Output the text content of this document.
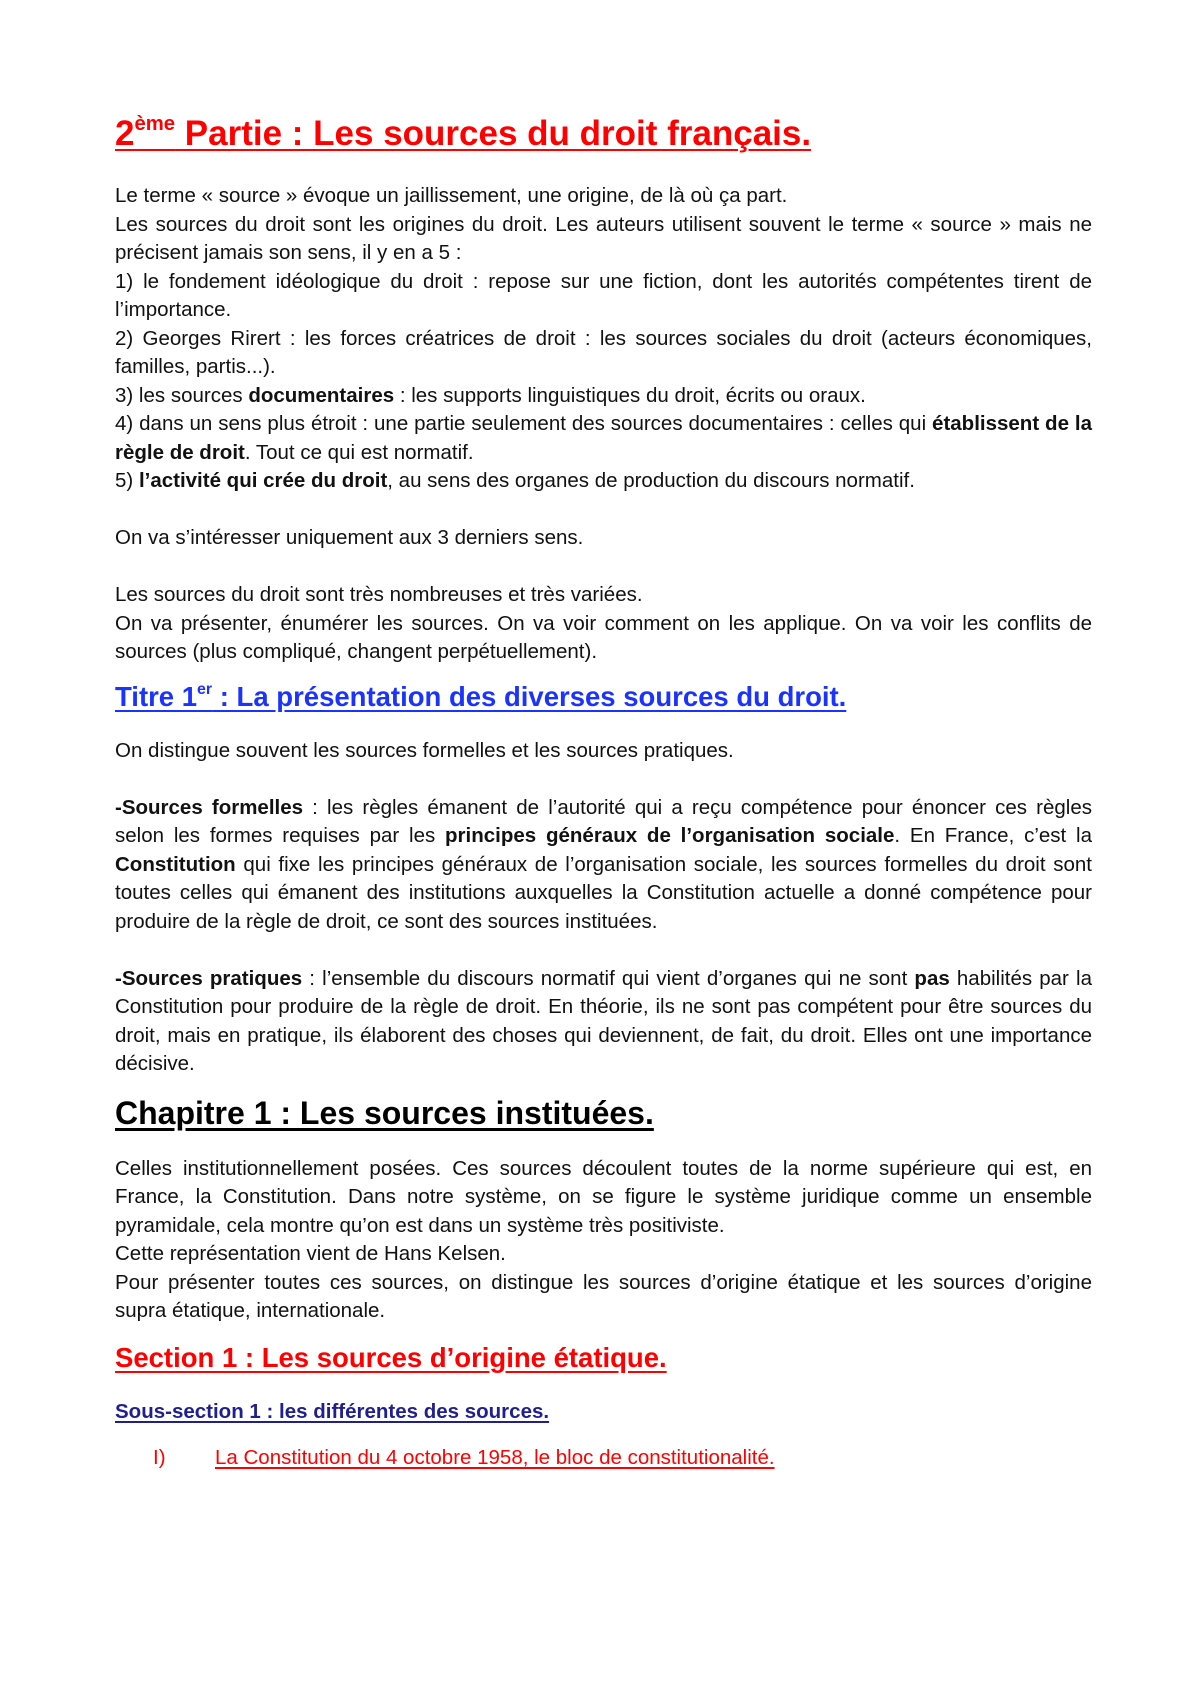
2ème Partie : Les sources du droit français.

Le terme « source » évoque un jaillissement, une origine, de là où ça part.

Les sources du droit sont les origines du droit. Les auteurs utilisent souvent le terme « source » mais ne précisent jamais son sens, il y en a 5 :

1) le fondement idéologique du droit : repose sur une fiction, dont les autorités compétentes tirent de l’importance.

2) Georges Rirert : les forces créatrices de droit : les sources sociales du droit (acteurs économiques, familles, partis...).

3) les sources documentaires : les supports linguistiques du droit, écrits ou oraux.

4) dans un sens plus étroit : une partie seulement des sources documentaires : celles qui établissent de la règle de droit. Tout ce qui est normatif.

5) l’activité qui crée du droit, au sens des organes de production du discours normatif.

On va s’intéresser uniquement aux 3 derniers sens.

Les sources du droit sont très nombreuses et très variées.

On va présenter, énumérer les sources. On va voir comment on les applique. On va voir les conflits de sources (plus compliqué, changent perpétuellement).

Titre 1er : La présentation des diverses sources du droit.

On distingue souvent les sources formelles et les sources pratiques.

-Sources formelles : les règles émanent de l’autorité qui a reçu compétence pour énoncer ces règles selon les formes requises par les principes généraux de l’organisation sociale. En France, c’est la Constitution qui fixe les principes généraux de l’organisation sociale, les sources formelles du droit sont toutes celles qui émanent des institutions auxquelles la Constitution actuelle a donné compétence pour produire de la règle de droit, ce sont des sources instituées.

-Sources pratiques : l’ensemble du discours normatif qui vient d’organes qui ne sont pas habilités par la Constitution pour produire de la règle de droit. En théorie, ils ne sont pas compétent pour être sources du droit, mais en pratique, ils élaborent des choses qui deviennent, de fait, du droit. Elles ont une importance décisive.

Chapitre 1 : Les sources instituées.

Celles institutionnellement posées. Ces sources découlent toutes de la norme supérieure qui est, en France, la Constitution. Dans notre système, on se figure le système juridique comme un ensemble pyramidale, cela montre qu’on est dans un système très positiviste.

Cette représentation vient de Hans Kelsen.

Pour présenter toutes ces sources, on distingue les sources d’origine étatique et les sources d’origine supra étatique, internationale.

Section 1 : Les sources d’origine étatique.
Sous-section 1 : les différentes des sources.
I)	La Constitution du 4 octobre 1958, le bloc de constitutionalité.
